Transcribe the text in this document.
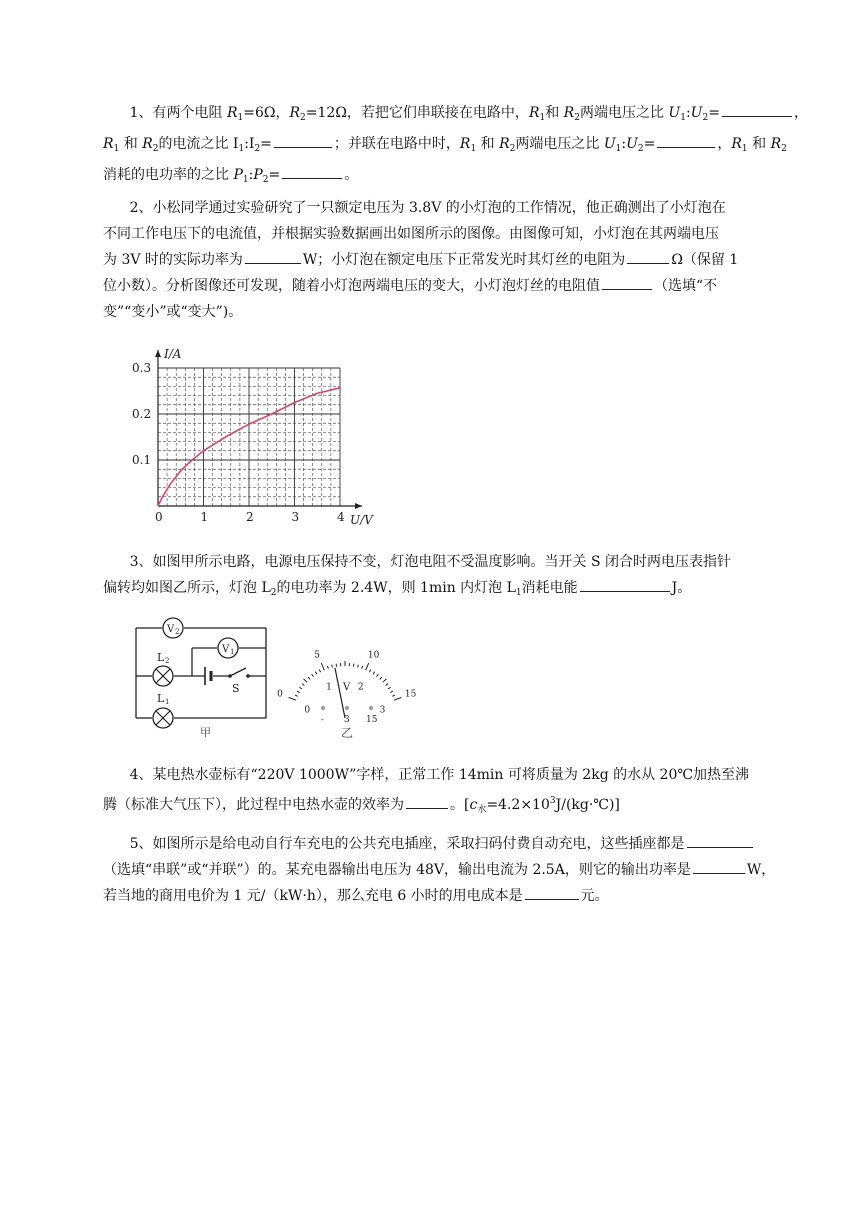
1、有两个电阻 $R_1=6\Omega$，$R_2=12\Omega$，若把它们串联接在电路中，$R_1$和 $R_2$两端电压之比 $U_1:U_2=$	，

$R_1$ 和 $R_2$的电流之比 $I_1:I_2=$	；并联在电路中时，$R_1$ 和 $R_2$两端电压之比 $U_1:U_2=$	，$R_1$ 和 $R_2$

消耗的电功率的之比 $P_1:P_2=$	。

2、小松同学通过实验研究了一只额定电压为 3.8V 的小灯泡的工作情况，他正确测出了小灯泡在

不同工作电压下的电流值，并根据实验数据画出如图所示的图像。由图像可知，小灯泡在其两端电压

为 3V 时的实际功率为	W；小灯泡在额定电压下正常发光时其灯丝的电阻为	Ω（保留 1

位小数）。分析图像还可发现，随着小灯泡两端电压的变大，小灯泡灯丝的电阻值	（选填“不

变”“变小”或“变大”)。

0	1	2	3	4
0.1
0.2
0.3
U/V
I/A

3、如图甲所示电路，电源电压保持不变，灯泡电阻不受温度影响。当开关 S 闭合时两电压表指针

偏转均如图乙所示，灯泡 $L_2$的电功率为 2.4W，则 1min 内灯泡 $L_1$消耗电能	J。

V 2
V 1
L 2
L 1
S
甲
0
5	10
15
0
1	2
3
V
- 3 15
乙

4、某电热水壶标有“220V 1000W”字样，正常工作 14min 可将质量为 2kg 的水从 20℃加热至沸

腾（标准大气压下），此过程中电热水壶的效率为	。$[c_水=4.2\times 10^3J/(kg\cdot℃)]$

5、如图所示是给电动自行车充电的公共充电插座，采取扫码付费自动充电，这些插座都是

（选填“串联”或“并联”）的。某充电器输出电压为 48V，输出电流为 2.5A，则它的输出功率是	W，

若当地的商用电价为 1 元/（kW·h），那么充电 6 小时的用电成本是	元。
